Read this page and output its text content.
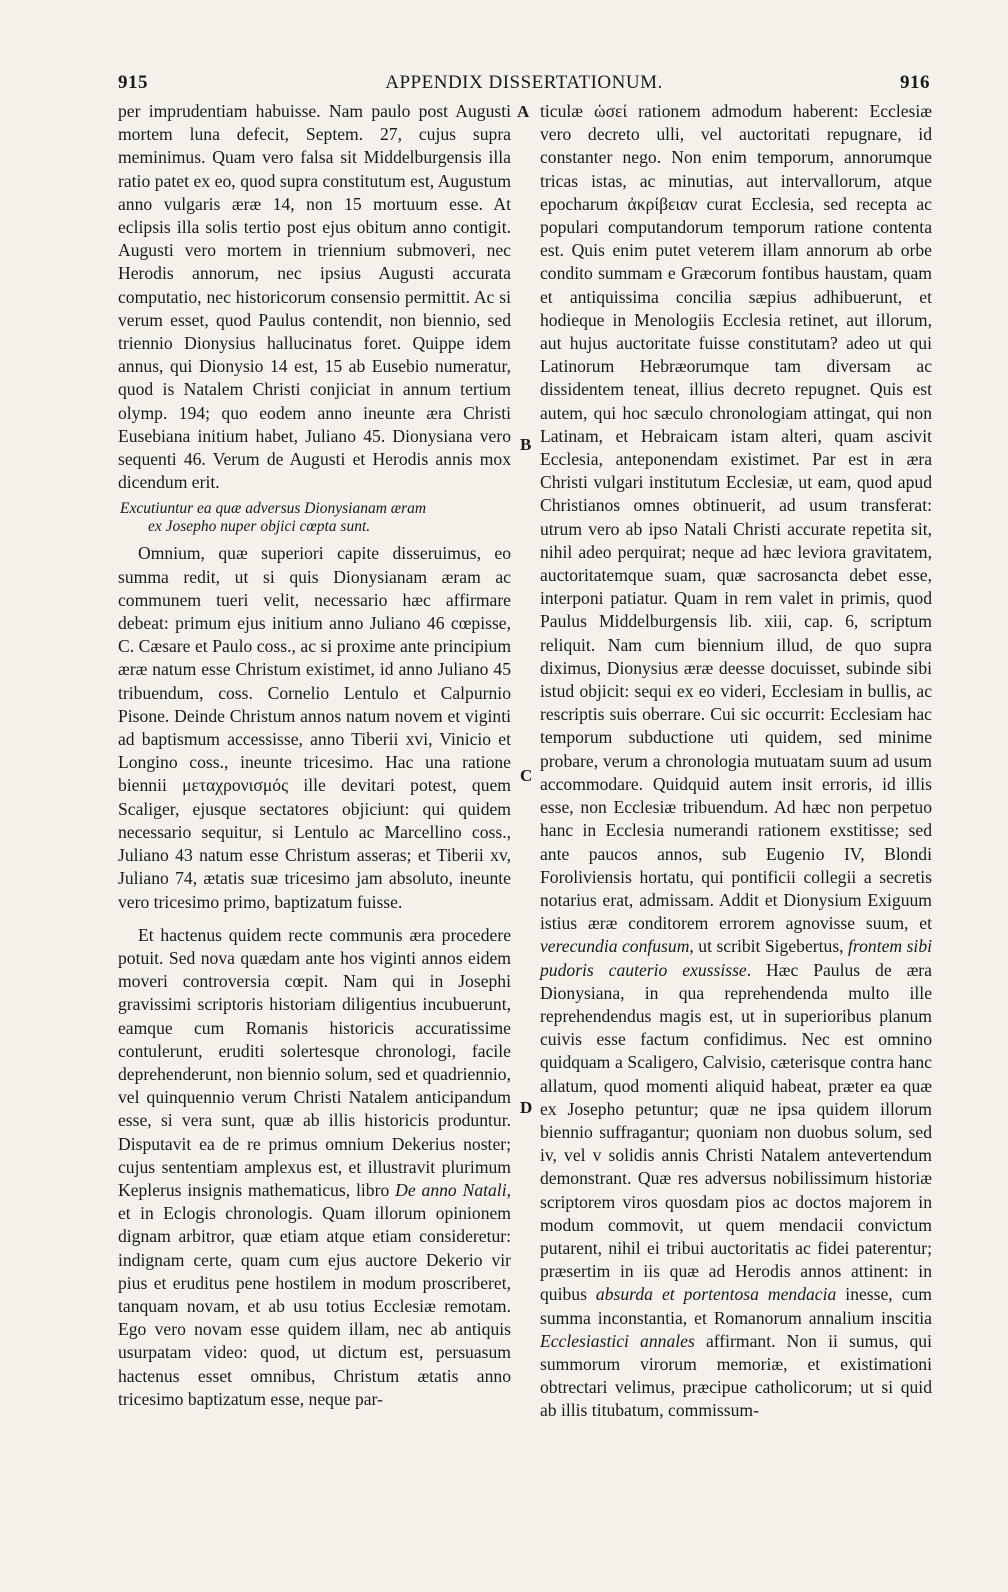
915	APPENDIX DISSERTATIONUM.	916
A
B
C
D

per imprudentiam habuisse. Nam paulo post Augusti mortem luna defecit, Septem. 27, cujus supra meminimus. Quam vero falsa sit Middelburgensis illa ratio patet ex eo, quod supra constitutum est, Augustum anno vulgaris æræ 14, non 15 mortuum esse. At eclipsis illa solis tertio post ejus obitum anno contigit. Augusti vero mortem in triennium submoveri, nec Herodis annorum, nec ipsius Augusti accurata computatio, nec historicorum consensio permittit. Ac si verum esset, quod Paulus contendit, non biennio, sed triennio Dionysius hallucinatus foret. Quippe idem annus, qui Dionysio 14 est, 15 ab Eusebio numeratur, quod is Natalem Christi conjiciat in annum tertium olymp. 194; quo eodem anno ineunte æra Christi Eusebiana initium habet, Juliano 45. Dionysiana vero sequenti 46. Verum de Augusti et Herodis annis mox dicendum erit.

Excutiuntur ea quæ adversus Dionysianam æram
ex Josepho nuper objici cœpta sunt.

Omnium, quæ superiori capite disseruimus, eo summa redit, ut si quis Dionysianam æram ac communem tueri velit, necessario hæc affirmare debeat: primum ejus initium anno Juliano 46 cœpisse, C. Cæsare et Paulo coss., ac si proxime ante principium æræ natum esse Christum existimet, id anno Juliano 45 tribuendum, coss. Cornelio Lentulo et Calpurnio Pisone. Deinde Christum annos natum novem et viginti ad baptismum accessisse, anno Tiberii xvi, Vinicio et Longino coss., ineunte tricesimo. Hac una ratione biennii μεταχρονισμός ille devitari potest, quem Scaliger, ejusque sectatores objiciunt: qui quidem necessario sequitur, si Lentulo ac Marcellino coss., Juliano 43 natum esse Christum asseras; et Tiberii xv, Juliano 74, ætatis suæ tricesimo jam absoluto, ineunte vero tricesimo primo, baptizatum fuisse.

Et hactenus quidem recte communis æra procedere potuit. Sed nova quædam ante hos viginti annos eidem moveri controversia cœpit. Nam qui in Josephi gravissimi scriptoris historiam diligentius incubuerunt, eamque cum Romanis historicis accuratissime contulerunt, eruditi solertesque chronologi, facile deprehenderunt, non biennio solum, sed et quadriennio, vel quinquennio verum Christi Natalem anticipandum esse, si vera sunt, quæ ab illis historicis produntur. Disputavit ea de re primus omnium Dekerius noster; cujus sententiam amplexus est, et illustravit plurimum Keplerus insignis mathematicus, libro De anno Natali, et in Eclogis chronologis. Quam illorum opinionem dignam arbitror, quæ etiam atque etiam consideretur: indignam certe, quam cum ejus auctore Dekerio vir pius et eruditus pene hostilem in modum proscriberet, tanquam novam, et ab usu totius Ecclesiæ remotam. Ego vero novam esse quidem illam, nec ab antiquis usurpatam video: quod, ut dictum est, persuasum hactenus esset omnibus, Christum ætatis anno tricesimo baptizatum esse, neque par-

ticulæ ὡσεί rationem admodum haberent: Ecclesiæ vero decreto ulli, vel auctoritati repugnare, id constanter nego. Non enim temporum, annorumque tricas istas, ac minutias, aut intervallorum, atque epocharum ἀκρίβειαν curat Ecclesia, sed recepta ac populari computandorum temporum ratione contenta est. Quis enim putet veterem illam annorum ab orbe condito summam e Græcorum fontibus haustam, quam et antiquissima concilia sæpius adhibuerunt, et hodieque in Menologiis Ecclesia retinet, aut illorum, aut hujus auctoritate fuisse constitutam? adeo ut qui Latinorum Hebræorumque tam diversam ac dissidentem teneat, illius decreto repugnet. Quis est autem, qui hoc sæculo chronologiam attingat, qui non Latinam, et Hebraicam istam alteri, quam ascivit Ecclesia, anteponendam existimet. Par est in æra Christi vulgari institutum Ecclesiæ, ut eam, quod apud Christianos omnes obtinuerit, ad usum transferat: utrum vero ab ipso Natali Christi accurate repetita sit, nihil adeo perquirat; neque ad hæc leviora gravitatem, auctoritatemque suam, quæ sacrosancta debet esse, interponi patiatur. Quam in rem valet in primis, quod Paulus Middelburgensis lib. xiii, cap. 6, scriptum reliquit. Nam cum biennium illud, de quo supra diximus, Dionysius æræ deesse docuisset, subinde sibi istud objicit: sequi ex eo videri, Ecclesiam in bullis, ac rescriptis suis oberrare. Cui sic occurrit: Ecclesiam hac temporum subductione uti quidem, sed minime probare, verum a chronologia mutuatam suum ad usum accommodare. Quidquid autem insit erroris, id illis esse, non Ecclesiæ tribuendum. Ad hæc non perpetuo hanc in Ecclesia numerandi rationem exstitisse; sed ante paucos annos, sub Eugenio IV, Blondi Foroliviensis hortatu, qui pontificii collegii a secretis notarius erat, admissam. Addit et Dionysium Exiguum istius æræ conditorem errorem agnovisse suum, et verecundia confusum, ut scribit Sigebertus, frontem sibi pudoris cauterio exussisse. Hæc Paulus de æra Dionysiana, in qua reprehendenda multo ille reprehendendus magis est, ut in superioribus planum cuivis esse factum confidimus. Nec est omnino quidquam a Scaligero, Calvisio, cæterisque contra hanc allatum, quod momenti aliquid habeat, præter ea quæ ex Josepho petuntur; quæ ne ipsa quidem illorum biennio suffragantur; quoniam non duobus solum, sed iv, vel v solidis annis Christi Natalem antevertendum demonstrant. Quæ res adversus nobilissimum historiæ scriptorem viros quosdam pios ac doctos majorem in modum commovit, ut quem mendacii convictum putarent, nihil ei tribui auctoritatis ac fidei paterentur; præsertim in iis quæ ad Herodis annos attinent: in quibus absurda et portentosa mendacia inesse, cum summa inconstantia, et Romanorum annalium inscitia Ecclesiastici annales affirmant. Non ii sumus, qui summorum virorum memoriæ, et existimationi obtrectari velimus, præcipue catholicorum; ut si quid ab illis titubatum, commissum-
